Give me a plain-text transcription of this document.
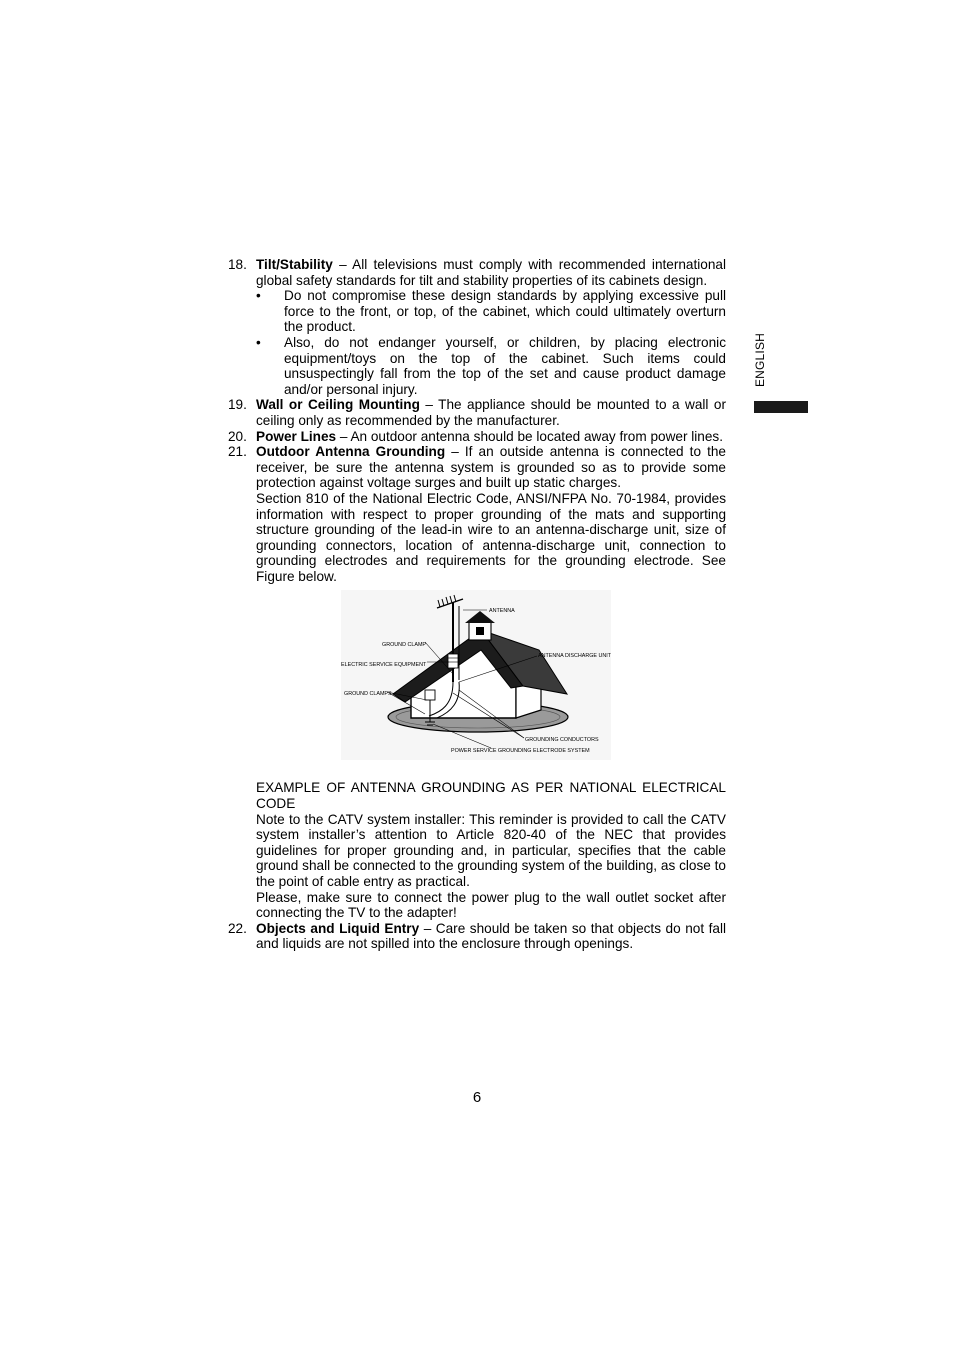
ENGLISH
18. Tilt/Stability – All televisions must comply with recommended international global safety standards for tilt and stability properties of its cabinets design.

•	Do not compromise these design standards by applying excessive pull force to the front, or top, of the cabinet, which could ultimately overturn the product.
•	Also, do not endanger yourself, or children, by placing electronic equipment/toys on the top of the cabinet. Such items could unsuspectingly fall from the top of the set and cause product damage and/or personal injury.
19. Wall or Ceiling Mounting – The appliance should be mounted to a wall or ceiling only as recommended by the manufacturer.

20. Power Lines – An outdoor antenna should be located away from power lines.

21. Outdoor Antenna Grounding – If an outside antenna is connected to the receiver, be sure the antenna system is grounded so as to provide some protection against voltage surges and built up static charges.

Section 810 of the National Electric Code, ANSI/NFPA No. 70-1984, provides information with respect to proper grounding of the mats and supporting structure grounding of the lead-in wire to an antenna-discharge unit, size of grounding connectors, location of antenna-discharge unit, connection to grounding electrodes and requirements for the grounding electrode. See Figure below.

ANTENNA
GROUND CLAMP
ANTENNA DISCHARGE UNIT
ELECTRIC SERVICE EQUIPMENT
GROUND CLAMPS
GROUNDING CONDUCTORS
POWER SERVICE GROUNDING ELECTRODE SYSTEM

EXAMPLE OF ANTENNA GROUNDING AS PER NATIONAL ELECTRICAL CODE

Note to the CATV system installer: This reminder is provided to call the CATV system installer’s attention to Article 820-40 of the NEC that provides guidelines for proper grounding and, in particular, specifies that the cable ground shall be connected to the grounding system of the building, as close to the point of cable entry as practical.

Please, make sure to connect the power plug to the wall outlet socket after connecting the TV to the adapter!

22. Objects and Liquid Entry – Care should be taken so that objects do not fall and liquids are not spilled into the enclosure through openings.

6
